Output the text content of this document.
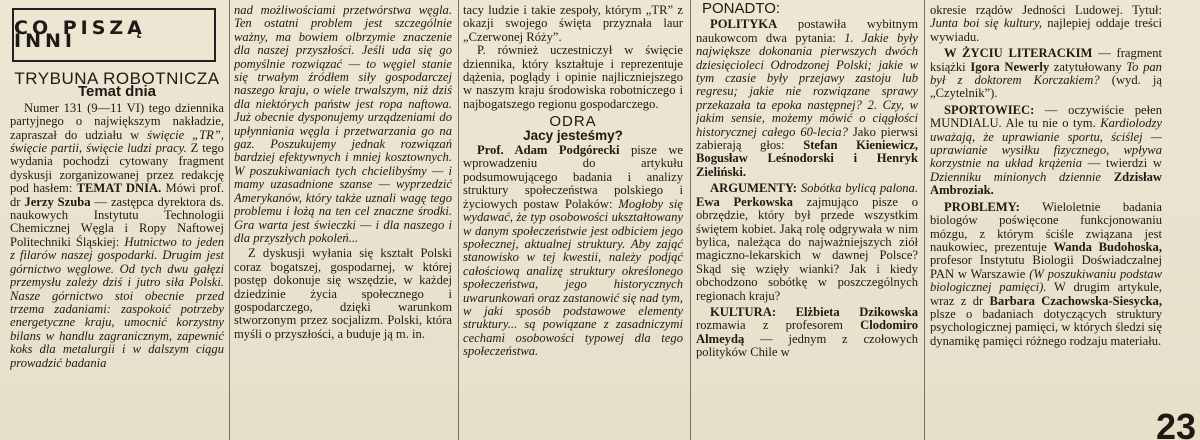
CO PISZĄ INNI
TRYBUNA ROBOTNICZA
Temat dnia

Numer 131 (9—11 VI) tego dziennika partyjnego o największym nakładzie, zapraszał do udziału w święcie „TR”, święcie partii, święcie ludzi pracy. Z tego wydania pochodzi cytowany fragment dyskusji zorganizowanej przez redakcję pod hasłem: TEMAT DNIA. Mówi prof. dr Jerzy Szuba — zastępca dyrektora ds. naukowych Instytutu Technologii Chemicznej Węgla i Ropy Naftowej Politechniki Śląskiej: Hutnictwo to jeden z filarów naszej gospodarki. Drugim jest górnictwo węglowe. Od tych dwu gałęzi przemysłu zależy dziś i jutro siła Polski. Nasze górnictwo stoi obecnie przed trzema zadaniami: zaspokoić potrzeby energetyczne kraju, umocnić korzystny bilans w handlu zagranicznym, zapewnić koks dla metalurgii i w dalszym ciągu prowadzić badania

nad możliwościami przetwórstwa węgla. Ten ostatni problem jest szczególnie ważny, ma bowiem olbrzymie znaczenie dla naszej przyszłości. Jeśli uda się go pomyślnie rozwiązać — to węgiel stanie się trwałym źródłem siły gospodarczej naszego kraju, o wiele trwalszym, niż dziś dla niektórych państw jest ropa naftowa. Już obecnie dysponujemy urządzeniami do upłynniania węgla i przetwarzania go na gaz. Poszukujemy jednak rozwiązań bardziej efektywnych i mniej kosztownych. W poszukiwaniach tych chcielibyśmy — i mamy uzasadnione szanse — wyprzedzić Amerykanów, który także uznali wagę tego problemu i łożą na ten cel znaczne środki. Gra warta jest świeczki — i dla naszego i dla przyszłych pokoleń...

Z dyskusji wyłania się kształt Polski coraz bogatszej, gospodarnej, w której postęp dokonuje się wszędzie, w każdej dziedzinie życia społecznego i gospodarczego, dzięki warunkom stworzonym przez socjalizm. Polski, która myśli o przyszłości, a buduje ją m. in.

tacy ludzie i takie zespoły, którym „TR” z okazji swojego święta przyznała laur „Czerwonej Róży”.

P. również uczestniczył w święcie dziennika, który kształtuje i reprezentuje dążenia, poglądy i opinie najliczniejszego w naszym kraju środowiska robotniczego i najbogatszego regionu gospodarczego.

ODRA
Jacy jesteśmy?

Prof. Adam Podgórecki pisze we wprowadzeniu do artykułu podsumowującego badania i analizy struktury społeczeństwa polskiego i życiowych postaw Polaków: Mogłoby się wydawać, że typ osobowości ukształtowany w danym społeczeństwie jest odbiciem jego społecznej, aktualnej struktury. Aby zająć stanowisko w tej kwestii, należy podjąć całościową analizę struktury określonego społeczeństwa, jego historycznych uwarunkowań oraz zastanowić się nad tym, w jaki sposób podstawowe elementy struktury... są powiązane z zasadniczymi cechami osobowości typowej dla tego społeczeństwa.

PONADTO:

POLITYKA postawiła wybitnym naukowcom dwa pytania: 1. Jakie były największe dokonania pierwszych dwóch dziesięcioleci Odrodzonej Polski; jakie w tym czasie były przejawy zastoju lub regresu; jakie nie rozwiązane sprawy przekazała ta epoka następnej? 2. Czy, w jakim sensie, możemy mówić o ciągłości historycznej całego 60-lecia? Jako pierwsi zabierają głos: Stefan Kieniewicz, Bogusław Leśnodorski i Henryk Zieliński.

ARGUMENTY: Sobótka bylicą palona. Ewa Perkowska zajmująco pisze o obrzędzie, który był przede wszystkim świętem kobiet. Jaką rolę odgrywała w nim bylica, należąca do najważniejszych ziół magiczno-lekarskich w dawnej Polsce? Skąd się wzięły wianki? Jak i kiedy obchodzono sobótkę w poszczególnych regionach kraju?

KULTURA: Elżbieta Dzikowska rozmawia z profesorem Clodomiro Almeydą — jednym z czołowych polityków Chile w

okresie rządów Jedności Ludowej. Tytuł: Junta boi się kultury, najlepiej oddaje treści wywiadu.

W ŻYCIU LITERACKIM — fragment książki Igora Newerly zatytułowany To pan był z doktorem Korczakiem? (wyd. ją „Czytelnik”).

SPORTOWIEC: — oczywiście pełen MUNDIALU. Ale tu nie o tym. Kardiolodzy uważają, że uprawianie sportu, ściślej — uprawianie wysiłku fizycznego, wpływa korzystnie na układ krążenia — twierdzi w Dzienniku minionych dziennie Zdzisław Ambroziak.

PROBLEMY: Wieloletnie badania biologów poświęcone funkcjonowaniu mózgu, z którym ściśle związana jest naukowiec, prezentuje Wanda Budohoska, profesor Instytutu Biologii Doświadczalnej PAN w Warszawie (W poszukiwaniu podstaw biologicznej pamięci). W drugim artykule, wraz z dr Barbara Czachowska-Siesyckа, plsze o badaniach dotyczących struktury psychologicznej pamięci, w których śledzi się dynamikę pamięci różnego rodzaju materiału.

23
